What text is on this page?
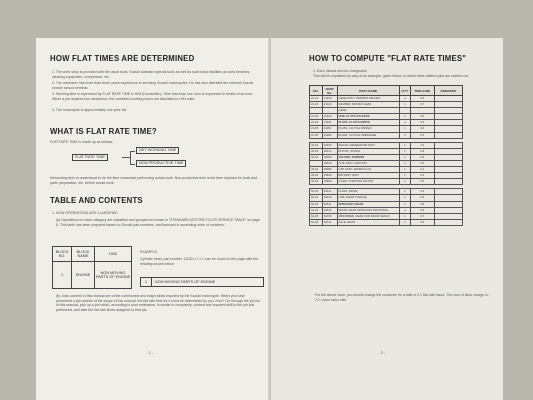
HOW FLAT TIMES ARE DETERMINED
1. The work shop is provided with the usual tools, Suzuki standard special tools as well as such basic facilities as work benches, cleaning equipment, compressor, etc.
2. The mechanic has more than three years experience in servicing Suzuki motorcycles. He has also attended the relevant Suzuki service school seminar.
3. Working time is expressed by FLAT RATE TIME in H/M (Hours/Men). Time less than one hour is expressed in tenths of an hour. When a job requires two mechanics, the combined working hours are tabulated in H/M units.
4. The motorcycle is approximately one year old.
WHAT IS FLAT RATE TIME?
FLAT RATE TIME is made up as follows:
FLAT RATE TIME
NET WORKING TIME
NON PRODUCTIVE TIME
Networking time is understood to be the time consumed performing actual work. Non-productive time is the time required for tools and parts preparation, etc. before actual work.
TABLE AND CONTENTS
1. HOW OPERATIONS ARE CLASSIFIED
(a) Operations for each category are classified and grouped as shown in "STANDARD MOTORCYCLES SERVICE TABLE" on page 6. This table has been prepared based on Suzuki part numbers, and itemized in ascending order of numbers.
BLOCK NO.	BLOCK NAME	1000
1	ENGINE	NON MOVING PARTS OF ENGINE
EXAMPLE:
Cylinder head, part number 11100-□□□□□ can be found on the page with the heading shown below.
1	NON MOVING PARTS OF ENGINE
(b) Jobs covered in this manual are of the commonest and major kinds required by the Suzuki motorcycle. When you have performed a job outside of the scope of this manual, the flat rate time for it must be determined by you. How? Go through the job list of this manual, pick up a job which, according to your estimation, is similar in complexity, content and required skill to the job just performed, and take the flat rate times assigned to that job.
- 2 -
HOW TO COMPUTE "FLAT RATE TIMES"
1. Each classis service chargeable.
This will be explained by way of an example, given below, in which three distinct jobs are carried out.
NO.	PART No.	PART NAME	Q'TY	TIME (H/M)	REMARKS
21-01	21100	GEAR ASSY, PRIMARY DRIVEN	1	0.6	
21-02	21120	DAMPER, DRIVEN GEAR	1	0.7	
		GEAR			
21-03	21410	HUB, CLUTCH SLEEVE	1	0.5	
21-04	21441	PLATE, CLUTCH DRIVE	1	0.5	
21-05	21451	PLATE, CLUTCH DRIVEN	1	0.6	
21-06	21462	PLATE, CLUTCH PRESSURE	1	0.5	

32-01	32100	SIGNAL GENERATOR ASSY	1	1.0	
32-02	32112	ROTOR, SIGNAL	1	0.8	
32-03	32900	CDI UNIT, IGNITION	1	0.3	
	33410	COIL ASSY, IGNITION	1	0.3	
33-01	09482	CAP ASSY, SPARK PLUG	1	0.1	
33-02	33610	BATTERY ASSY	1	0.3	
33-03	33860	CORD, STARTING MOTOR	1	0.5	

64-01	64111	CHAIN, DRIVE	1	0.4	
64-02	64120	LINK, REAR TORQUE	1	0.3	
64-03	64511	SPROCKET, REAR	1	0.8	
64-04	64611	DRUM, REAR SPROCKET MOUNTING	1	0.9	
64-05	64700	ABSORBER, REAR FOR DRUM SHOCK	1	0.7	
64-06	64711	AXLE, REAR	1	0.6	
For the above work, you should charge the customer for a total of 2.1 flat rate hours. The sum of labor charge is: 2.1 x your labor rate.
- 3 -
